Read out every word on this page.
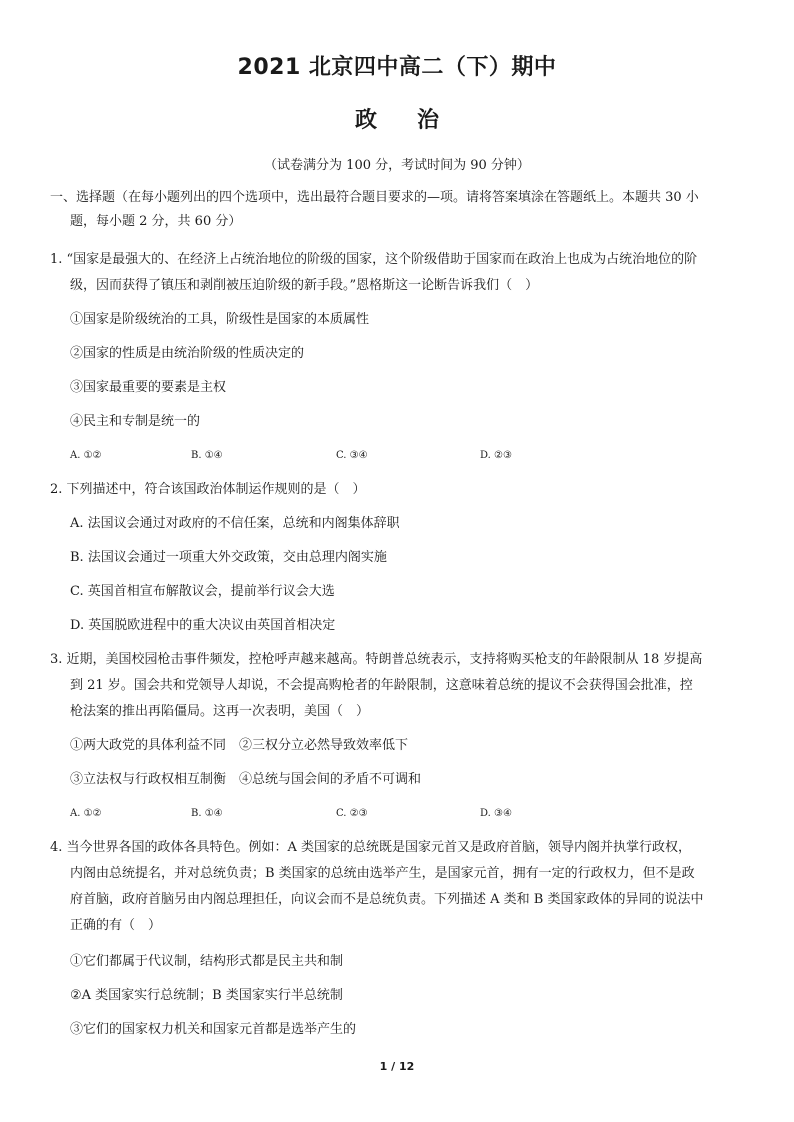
2021 北京四中高二（下）期中
政治
（试卷满分为 100 分，考试时间为 90 分钟）
一、选择题（在每小题列出的四个选项中，选出最符合题目要求的—项。请将答案填涂在答题纸上。本题共 30 小
题，每小题 2 分，共 60 分）
1. “国家是最强大的、在经济上占统治地位的阶级的国家，这个阶级借助于国家而在政治上也成为占统治地位的阶
级，因而获得了镇压和剥削被压迫阶级的新手段。”恩格斯这一论断告诉我们（　）
①国家是阶级统治的工具，阶级性是国家的本质属性
②国家的性质是由统治阶级的性质决定的
③国家最重要的要素是主权
④民主和专制是统一的
A. ①②	B. ①④	C. ③④	D. ②③
2. 下列描述中，符合该国政治体制运作规则的是（　）
A. 法国议会通过对政府的不信任案，总统和内阁集体辞职
B. 法国议会通过一项重大外交政策，交由总理内阁实施
C. 英国首相宣布解散议会，提前举行议会大选
D. 英国脱欧进程中的重大决议由英国首相决定
3. 近期，美国校园枪击事件频发，控枪呼声越来越高。特朗普总统表示，支持将购买枪支的年龄限制从 18 岁提高
到 21 岁。国会共和党领导人却说，不会提高购枪者的年龄限制，这意味着总统的提议不会获得国会批准，控
枪法案的推出再陷僵局。这再一次表明，美国（　）
①两大政党的具体利益不同　②三权分立必然导致效率低下
③立法权与行政权相互制衡　④总统与国会间的矛盾不可调和
A. ①②	B. ①④	C. ②③	D. ③④
4. 当今世界各国的政体各具特色。例如：A 类国家的总统既是国家元首又是政府首脑，领导内阁并执掌行政权，
内阁由总统提名，并对总统负责；B 类国家的总统由选举产生，是国家元首，拥有一定的行政权力，但不是政
府首脑，政府首脑另由内阁总理担任，向议会而不是总统负责。下列描述 A 类和 B 类国家政体的异同的说法中
正确的有（　）
①它们都属于代议制，结构形式都是民主共和制
②A 类国家实行总统制；B 类国家实行半总统制
③它们的国家权力机关和国家元首都是选举产生的
1 / 12
